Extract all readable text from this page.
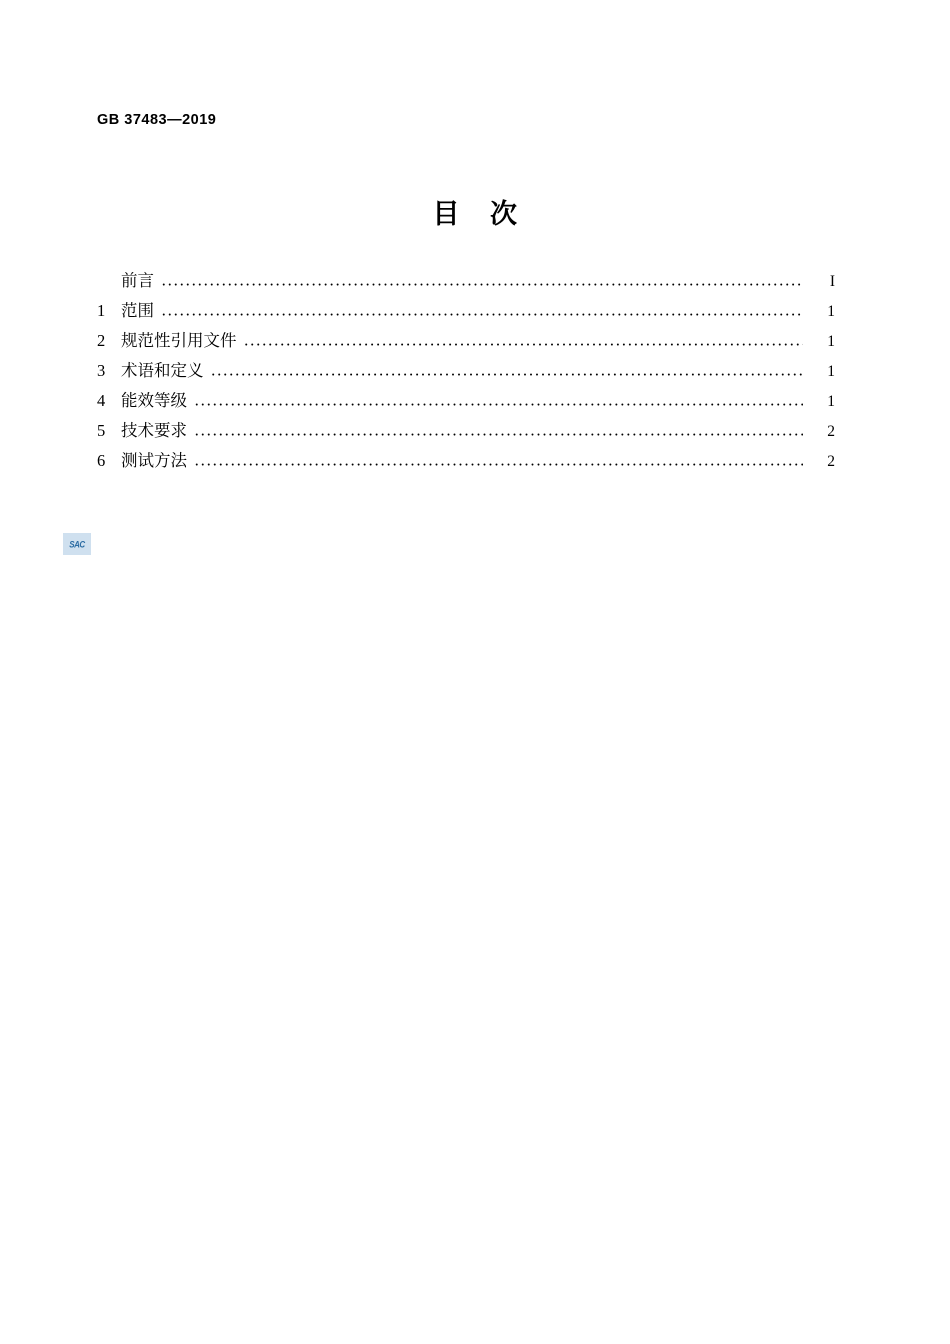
GB 37483—2019
目 次
前言 ·····	I
1 范围 ·····	1
2 规范性引用文件 ·····	1
3 术语和定义 ·····	1
4 能效等级 ·····	1
5 技术要求 ·····	2
6 测试方法 ·····	2
SAC
